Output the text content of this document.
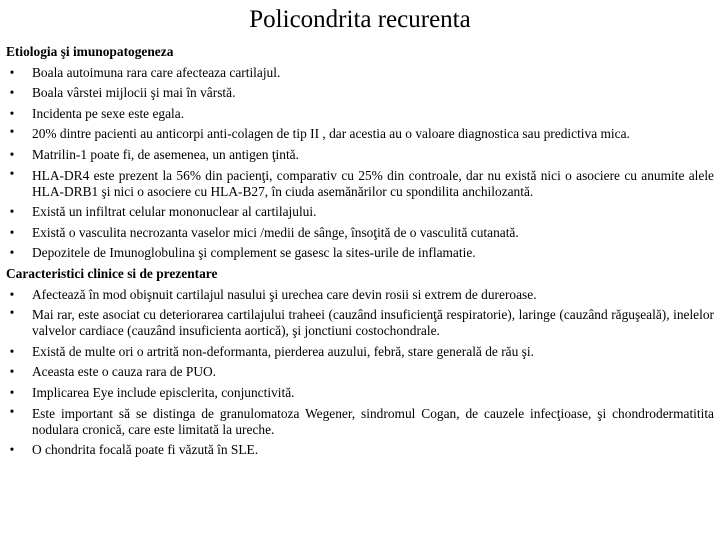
Policondrita recurenta
Etiologia şi imunopatogeneza
• Boala autoimuna rara care afecteaza cartilajul.
• Boala vârstei mijlocii şi mai în vârstă.
• Incidenta pe sexe este egala.
• 20% dintre pacienti au anticorpi anti-colagen de tip II , dar acestia au o valoare diagnostica sau predictiva mica.
• Matrilin-1 poate fi, de asemenea, un antigen ţintă.
• HLA-DR4 este prezent la 56% din pacienţi, comparativ cu 25% din controale, dar nu există nici o asociere cu anumite alele HLA-DRB1 şi nici o asociere cu HLA-B27, în ciuda asemănărilor cu spondilita anchilozantă.
• Există un infiltrat celular mononuclear al cartilajului.
• Există o vasculita necrozanta vaselor mici /medii de sânge, însoţită de o vasculită cutanată.
• Depozitele de Imunoglobulina şi complement se gasesc la sites-urile de inflamatie.
Caracteristici clinice si de prezentare
• Afectează în mod obişnuit cartilajul nasului şi urechea care devin rosii si extrem de dureroase.
• Mai rar, este asociat cu deteriorarea cartilajului traheei (cauzând insuficienţă respiratorie), laringe (cauzând răguşeală), inelelor valvelor cardiace (cauzând insuficienta aortică), şi jonctiuni costochondrale.
• Există de multe ori o artrită non-deformanta, pierderea auzului, febră, stare generală de rău şi.
• Aceasta este o cauza rara de PUO.
• Implicarea Eye include episclerita, conjunctivită.
• Este important să se distinga de granulomatoza Wegener, sindromul Cogan, de cauzele infecţioase, şi chondrodermatitita nodulara cronică, care este limitată la ureche.
• O chondrita focală poate fi văzută în SLE.
